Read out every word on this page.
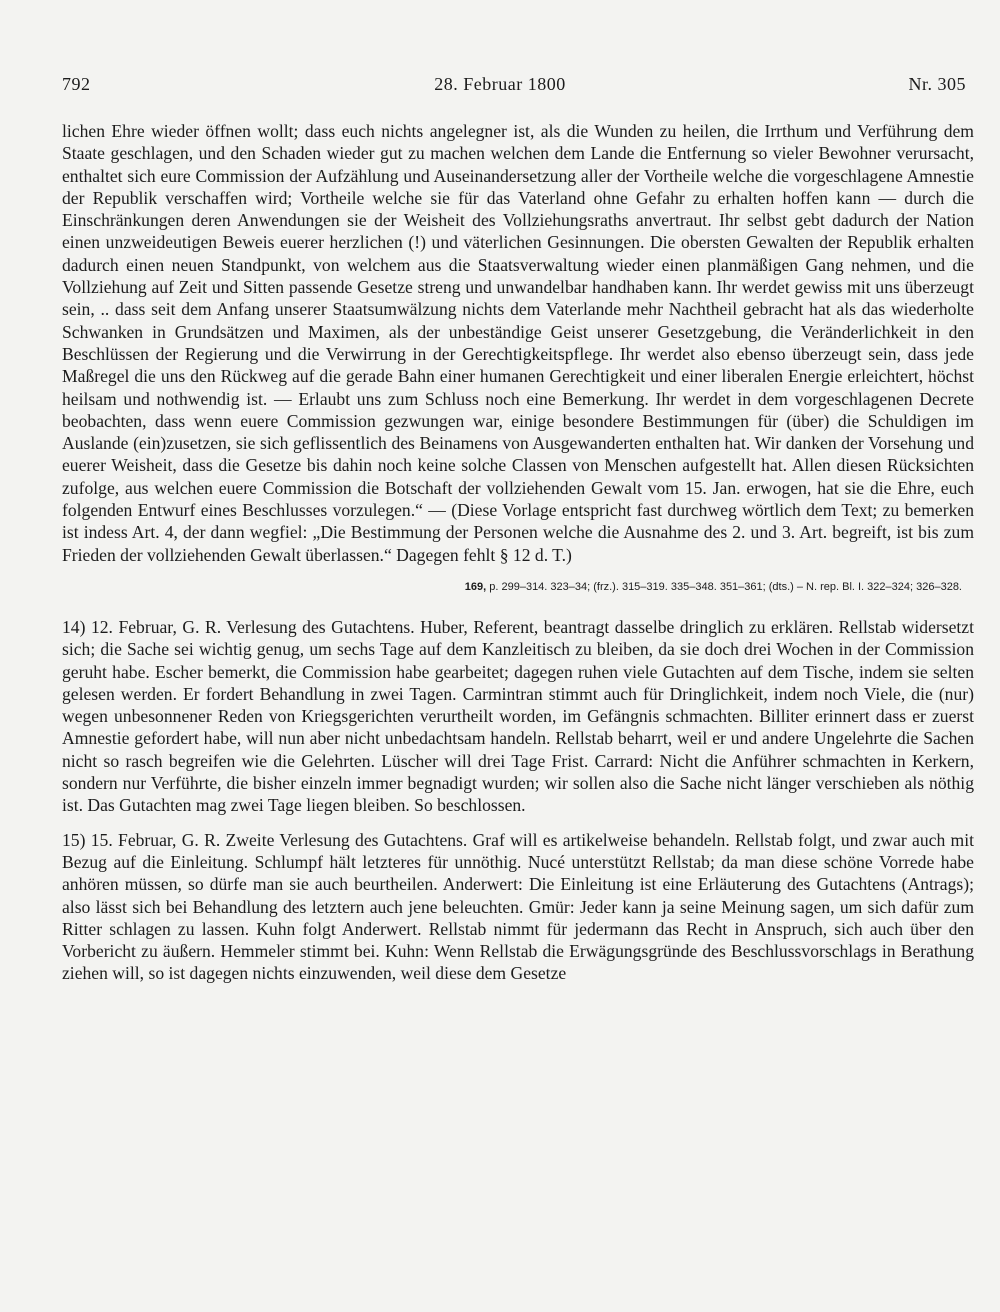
792	28. Februar 1800	Nr. 305

lichen Ehre wieder öffnen wollt; dass euch nichts angelegner ist, als die Wunden zu heilen, die Irrthum und Verführung dem Staate geschlagen, und den Schaden wieder gut zu machen welchen dem Lande die Entfernung so vieler Bewohner verursacht, enthaltet sich eure Commission der Aufzählung und Auseinandersetzung aller der Vortheile welche die vorgeschlagene Amnestie der Republik verschaffen wird; Vortheile welche sie für das Vaterland ohne Gefahr zu erhalten hoffen kann — durch die Einschränkungen deren Anwendungen sie der Weisheit des Vollziehungsraths anvertraut. Ihr selbst gebt dadurch der Nation einen unzweideutigen Beweis euerer herzlichen (!) und väterlichen Gesinnungen. Die obersten Gewalten der Republik erhalten dadurch einen neuen Standpunkt, von welchem aus die Staatsverwaltung wieder einen planmäßigen Gang nehmen, und die Vollziehung auf Zeit und Sitten passende Gesetze streng und unwandelbar handhaben kann. Ihr werdet gewiss mit uns überzeugt sein, .. dass seit dem Anfang unserer Staatsumwälzung nichts dem Vaterlande mehr Nachtheil gebracht hat als das wiederholte Schwanken in Grundsätzen und Maximen, als der unbeständige Geist unserer Gesetzgebung, die Veränderlichkeit in den Beschlüssen der Regierung und die Verwirrung in der Gerechtigkeitspflege. Ihr werdet also ebenso überzeugt sein, dass jede Maßregel die uns den Rückweg auf die gerade Bahn einer humanen Gerechtigkeit und einer liberalen Energie erleichtert, höchst heilsam und nothwendig ist. — Erlaubt uns zum Schluss noch eine Bemerkung. Ihr werdet in dem vorgeschlagenen Decrete beobachten, dass wenn euere Commission gezwungen war, einige besondere Bestimmungen für (über) die Schuldigen im Auslande (ein)zusetzen, sie sich geflissentlich des Beinamens von Ausgewanderten enthalten hat. Wir danken der Vorsehung und euerer Weisheit, dass die Gesetze bis dahin noch keine solche Classen von Menschen aufgestellt hat. Allen diesen Rücksichten zufolge, aus welchen euere Commission die Botschaft der vollziehenden Gewalt vom 15. Jan. erwogen, hat sie die Ehre, euch folgenden Entwurf eines Beschlusses vorzulegen.“ — (Diese Vorlage entspricht fast durchweg wörtlich dem Text; zu bemerken ist indess Art. 4, der dann wegfiel: „Die Bestimmung der Personen welche die Ausnahme des 2. und 3. Art. begreift, ist bis zum Frieden der vollziehenden Gewalt überlassen.“ Dagegen fehlt § 12 d. T.)

169, p. 299–314. 323–34; (frz.). 315–319. 335–348. 351–361; (dts.) – N. rep. Bl. I. 322–324; 326–328.

14) 12. Februar, G. R. Verlesung des Gutachtens. Huber, Referent, beantragt dasselbe dringlich zu erklären. Rellstab widersetzt sich; die Sache sei wichtig genug, um sechs Tage auf dem Kanzleitisch zu bleiben, da sie doch drei Wochen in der Commission geruht habe. Escher bemerkt, die Commission habe gearbeitet; dagegen ruhen viele Gutachten auf dem Tische, indem sie selten gelesen werden. Er fordert Behandlung in zwei Tagen. Carmintran stimmt auch für Dringlichkeit, indem noch Viele, die (nur) wegen unbesonnener Reden von Kriegsgerichten verurtheilt worden, im Gefängnis schmachten. Billiter erinnert dass er zuerst Amnestie gefordert habe, will nun aber nicht unbedachtsam handeln. Rellstab beharrt, weil er und andere Ungelehrte die Sachen nicht so rasch begreifen wie die Gelehrten. Lüscher will drei Tage Frist. Carrard: Nicht die Anführer schmachten in Kerkern, sondern nur Verführte, die bisher einzeln immer begnadigt wurden; wir sollen also die Sache nicht länger verschieben als nöthig ist. Das Gutachten mag zwei Tage liegen bleiben. So beschlossen.

15) 15. Februar, G. R. Zweite Verlesung des Gutachtens. Graf will es artikelweise behandeln. Rellstab folgt, und zwar auch mit Bezug auf die Einleitung. Schlumpf hält letzteres für unnöthig. Nucé unterstützt Rellstab; da man diese schöne Vorrede habe anhören müssen, so dürfe man sie auch beurtheilen. Anderwert: Die Einleitung ist eine Erläuterung des Gutachtens (Antrags); also lässt sich bei Behandlung des letztern auch jene beleuchten. Gmür: Jeder kann ja seine Meinung sagen, um sich dafür zum Ritter schlagen zu lassen. Kuhn folgt Anderwert. Rellstab nimmt für jedermann das Recht in Anspruch, sich auch über den Vorbericht zu äußern. Hemmeler stimmt bei. Kuhn: Wenn Rellstab die Erwägungsgründe des Beschlussvorschlags in Berathung ziehen will, so ist dagegen nichts einzuwenden, weil diese dem Gesetze
